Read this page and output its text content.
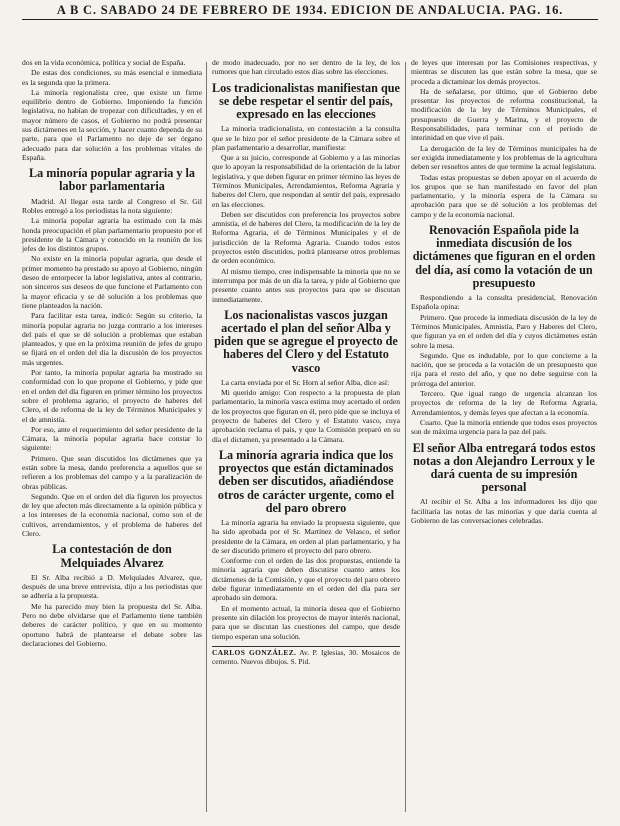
A B C. SABADO 24 DE FEBRERO DE 1934. EDICION DE ANDALUCIA. PAG. 16.

dos en la vida económica, política y social de España.

De estas dos condiciones, su más esencial e inmediata es la segunda que la primera.

La minoría regionalista cree, que existe un firme equilibrio dentro de Gobierno. Imponiendo la función legislativa, no habían de tropezar con dificultades, y en el mayor número de casos, el Gobierno no podrá presentar sus dictámenes en la sección, y hacer cuanto dependa de su parte, para que el Parlamento no deje de ser órgano adecuado para dar solución a los problemas vitales de España.

La minoría popular agraria y la labor parlamentaria

Madrid. Al llegar esta tarde al Congreso el Sr. Gil Robles entregó a los periodistas la nota siguiente:

La minoría popular agraria ha estimado con la más honda preocupación el plan parlamentario propuesto por el presidente de la Cámara y conocido en la reunión de los jefes de los distintos grupos.

No existe en la minoría popular agraria, que desde el primer momento ha prestado su apoyo al Gobierno, ningún deseo de entorpecer la labor legislativa, antes al contrario, son sinceros sus deseos de que funcione el Parlamento con la mayor eficacia y se dé solución a los problemas que tiene planteados la nación.

Para facilitar esta tarea, indicó: Según su criterio, la minoría popular agraria no juzga contrario a los intereses del país el que se dé solución a problemas que estaban planteados, y que en la próxima reunión de jefes de grupo se fijará en el orden del día la discusión de los proyectos más urgentes.

Por tanto, la minoría popular agraria ha mostrado su conformidad con lo que propone el Gobierno, y pide que en el orden del día figuren en primer término los proyectos sobre el problema agrario, el proyecto de haberes del Clero, el de reforma de la ley de Términos Municipales y el de amnistía.

Por eso, ante el requerimiento del señor presidente de la Cámara, la minoría popular agraria hace constar lo siguiente:

Primero. Que sean discutidos los dictámenes que ya están sobre la mesa, dando preferencia a aquellos que se refieren a los problemas del campo y a la paralización de obras públicas.

Segundo. Que en el orden del día figuren los proyectos de ley que afecten más directamente a la opinión pública y a los intereses de la economía nacional, como son el de cultivos, arrendamientos, y el problema de haberes del Clero.

La contestación de don Melquiades Alvarez

El Sr. Alba recibió a D. Melquíades Alvarez, que, después de una breve entrevista, dijo a los periodistas que se adhería a la propuesta.

Me ha parecido muy bien la propuesta del Sr. Alba. Pero no debe olvidarse que el Parlamento tiene también deberes de carácter político, y que en su momento oportuno habrá de plantearse el debate sobre las declaraciones del Gobierno.

de modo inadecuado, por no ser dentro de la ley, de los rumores que han circulado estos días sobre las elecciones.

Los tradicionalistas manifiestan que se debe respetar el sentir del país, expresado en las elecciones

La minoría tradicionalista, en contestación a la consulta que se le hizo por el señor presidente de la Cámara sobre el plan parlamentario a desarrollar, manifiesta:

Que a su juicio, corresponde al Gobierno y a las minorías que lo apoyan la responsabilidad de la orientación de la labor legislativa, y que deben figurar en primer término las leyes de Términos Municipales, Arrendamientos, Reforma Agraria y haberes del Clero, que respondan al sentir del país, expresado en las elecciones.

Deben ser discutidos con preferencia los proyectos sobre amnistía, el de haberes del Clero, la modificación de la ley de Reforma Agraria, el de Términos Municipales y el de jurisdicción de la Reforma Agraria. Cuando todos estos proyectos estén discutidos, podrá plantearse otros problemas de orden económico.

Al mismo tiempo, cree indispensable la minoría que no se interrumpa por más de un día la tarea, y pide al Gobierno que presente cuanto antes sus proyectos para que se discutan inmediatamente.

Los nacionalistas vascos juzgan acertado el plan del señor Alba y piden que se agregue el proyecto de haberes del Clero y del Estatuto vasco

La carta enviada por el Sr. Horn al señor Alba, dice así:

Mi querido amigo: Con respecto a la propuesta de plan parlamentario, la minoría vasca estima muy acertado el orden de los proyectos que figuran en él, pero pide que se incluya el proyecto de haberes del Clero y el Estatuto vasco, cuya aprobación reclama el país, y que la Comisión preparó en su día el dictamen, ya presentado a la Cámara.

La minoría agraria indica que los proyectos que están dictaminados deben ser discutidos, añadiéndose otros de carácter urgente, como el del paro obrero

La minoría agraria ha enviado la propuesta siguiente, que ha sido aprobada por el Sr. Martínez de Velasco, el señor presidente de la Cámara, en orden al plan parlamentario, y ha de ser discutido primero el proyecto del paro obrero.

Conforme con el orden de las dos propuestas, entiende la minoría agraria que deben discutirse cuanto antes los dictámenes de la Comisión, y que el proyecto del paro obrero debe figurar inmediatamente en el orden del día para ser aprobado sin demora.

En el momento actual, la minoría desea que el Gobierno presente sin dilación los proyectos de mayor interés nacional, para que se discutan las cuestiones del campo, que desde tiempo esperan una solución.

CARLOS GONZÁLEZ. Av. P. Iglesias, 30. Mosaicos de cemento. Nuevos dibujos. S. Pid.

de leyes que interesan por las Comisiones respectivas, y mientras se discuten las que están sobre la mesa, que se proceda a dictaminar los demás proyectos.

Ha de señalarse, por último, que el Gobierno debe presentar los proyectos de reforma constitucional, la modificación de la ley de Términos Municipales, el presupuesto de Guerra y Marina, y el proyecto de Responsabilidades, para terminar con el período de interinidad en que vive el país.

La derogación de la ley de Términos municipales ha de ser exigida inmediatamente y los problemas de la agricultura deben ser resueltos antes de que termine la actual legislatura.

Todas estas propuestas se deben apoyar en el acuerdo de los grupos que se han manifestado en favor del plan parlamentario, y la minoría espera de la Cámara su aprobación para que se dé solución a los problemas del campo y de la economía nacional.

Renovación Española pide la inmediata discusión de los dictámenes que figuran en el orden del día, así como la votación de un presupuesto

Respondiendo a la consulta presidencial, Renovación Española opina:

Primero. Que procede la inmediata discusión de la ley de Términos Municipales, Amnistía, Paro y Haberes del Clero, que figuran ya en el orden del día y cuyos dictámenes están sobre la mesa.

Segundo. Que es indudable, por lo que concierne a la nación, que se proceda a la votación de un presupuesto que rija para el resto del año, y que no debe seguirse con la prórroga del anterior.

Tercero. Que igual rango de urgencia alcanzan los proyectos de reforma de la ley de Reforma Agraria, Arrendamientos, y demás leyes que afectan a la economía.

Cuarto. Que la minoría entiende que todos esos proyectos son de máxima urgencia para la paz del país.

El señor Alba entregará todos estos notas a don Alejandro Lerroux y le dará cuenta de su impresión personal

Al recibir el Sr. Alba a los informadores les dijo que facilitaría las notas de las minorías y que daría cuenta al Gobierno de las conversaciones celebradas.
